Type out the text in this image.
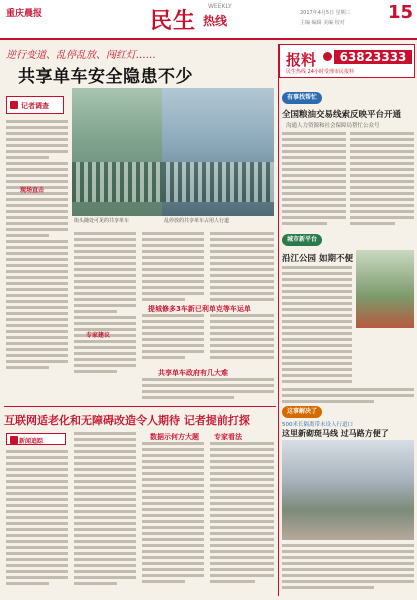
重庆晨报	民生
WEEKLY
热线
2017年4月5日 星期三
主编 编辑 美编 校对	15
逆行变道、乱停乱放、闯红灯……
共享单车安全隐患不少
记者调查
街头随处可见的共享单车	乱停放的共享单车占用人行道
现场直击
提城修多3车新已利单克等车运单
共享单车政府有几大难
专家建议
报料	63823333
民生热线 24小时受理市民报料
有事找帮忙
全国粮油交易线索反映平台开通
沟通人力资源和社会保障局帮忙公众号
城市新平台
沿江公园 如期不便
这事解决了
500米长隔离带未设人行道口
这里新砌斑马线 过马路方便了
互联网适老化和无障碍改造令人期待 记者提前打探
新闻追踪
数据示何方大题 专家看法
